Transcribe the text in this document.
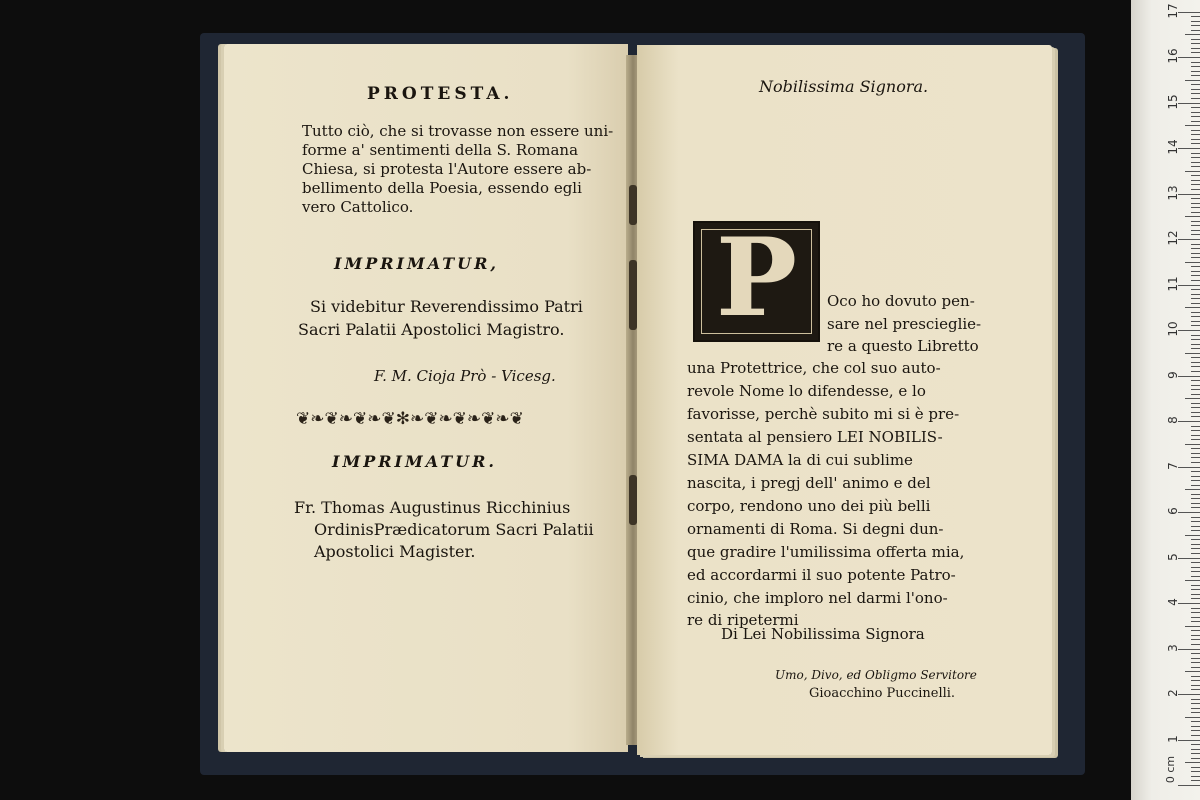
PROTESTA.

Tutto ciò, che si trovasse non essere uni-

forme a' sentimenti della S. Romana

Chiesa, si protesta l'Autore essere ab-

bellimento della Poesia, essendo egli

vero Cattolico.

IMPRIMATUR,

Si videbitur Reverendissimo Patri

Sacri Palatii Apostolici Magistro.

F. M. Cioja Prò - Vicesg.

❦❧❦❧❦❧❦✻❧❦❧❦❧❦❧❦

IMPRIMATUR.

Fr. Thomas Augustinus Ricchinius

OrdinisPrædicatorum Sacri Palatii

Apostolici Magister.

Nobilissima Signora.

P	Oco ho dovuto pen-

sare nel prescieglie-

re a questo Libretto

una Protettrice, che col suo auto-

revole Nome lo difendesse, e lo

favorisse, perchè subito mi si è pre-

sentata al pensiero LEI NOBILIS-

SIMA DAMA la di cui sublime

nascita, i pregj dell' animo e del

corpo, rendono uno dei più belli

ornamenti di Roma. Si degni dun-

que gradire l'umilissima offerta mia,

ed accordarmi il suo potente Patro-

cinio, che imploro nel darmi l'ono-

re di ripetermi

Di Lei Nobilissima Signora

Umo, Divo, ed Obligmo Servitore

Gioacchino Puccinelli.

0 cm
1
2
3
4
5
6
7
8
9
10
11
12
13
14
15
16
17
